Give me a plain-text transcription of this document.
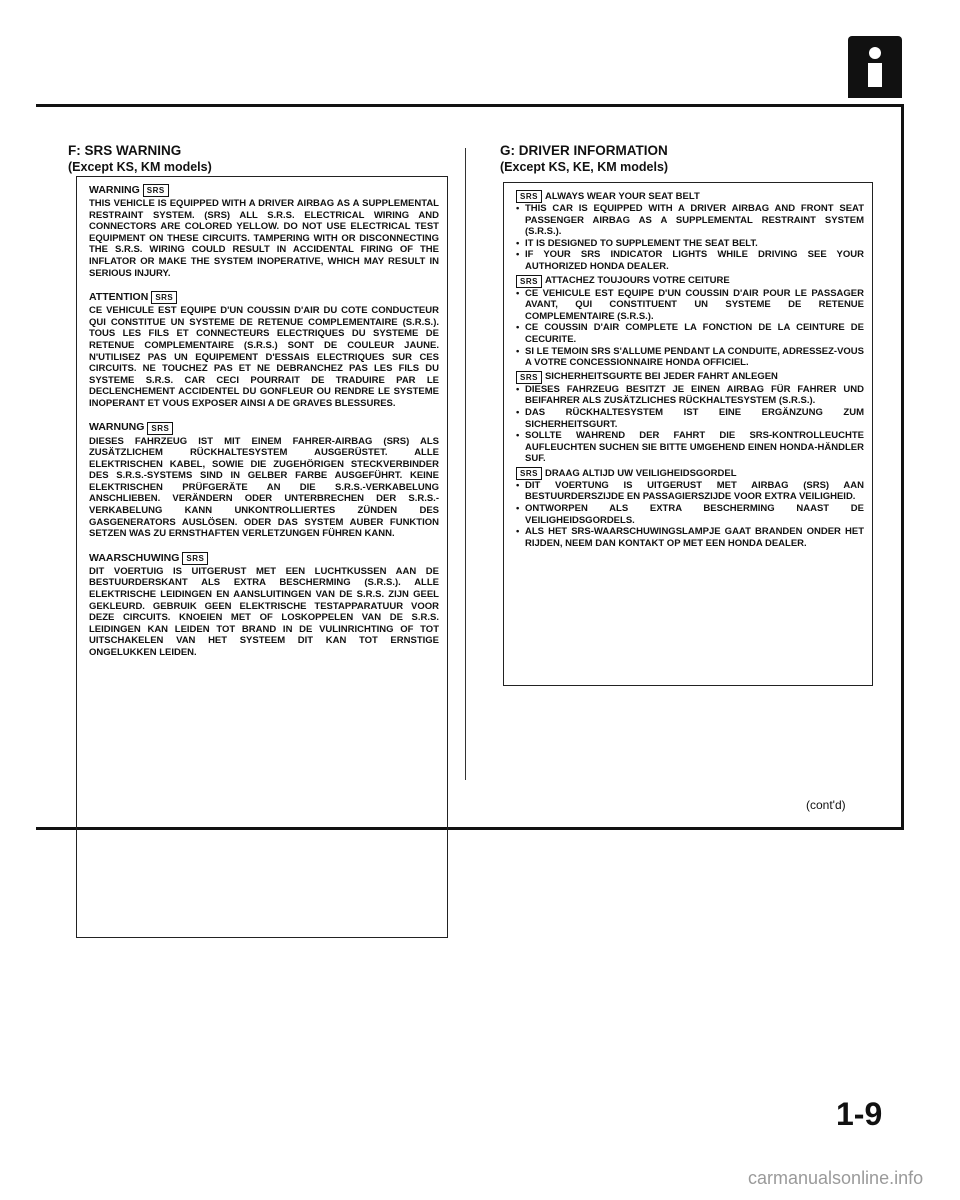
F: SRS WARNING
(Except KS, KM models)
WARNING SRS
THIS VEHICLE IS EQUIPPED WITH A DRIVER AIRBAG AS A SUPPLEMENTAL RESTRAINT SYSTEM. (SRS) ALL S.R.S. ELECTRICAL WIRING AND CONNECTORS ARE COLORED YELLOW. DO NOT USE ELECTRICAL TEST EQUIPMENT ON THESE CIRCUITS. TAMPERING WITH OR DISCONNECTING THE S.R.S. WIRING COULD RESULT IN ACCIDENTAL FIRING OF THE INFLATOR OR MAKE THE SYSTEM INOPERATIVE, WHICH MAY RESULT IN SERIOUS INJURY.
ATTENTION SRS
CE VEHICULE EST EQUIPE D'UN COUSSIN D'AIR DU COTE CONDUCTEUR QUI CONSTITUE UN SYSTEME DE RETENUE COMPLEMENTAIRE (S.R.S.). TOUS LES FILS ET CONNECTEURS ELECTRIQUES DU SYSTEME DE RETENUE COMPLEMENTAIRE (S.R.S.) SONT DE COULEUR JAUNE. N'UTILISEZ PAS UN EQUIPEMENT D'ESSAIS ELECTRIQUES SUR CES CIRCUITS. NE TOUCHEZ PAS ET NE DEBRANCHEZ PAS LES FILS DU SYSTEME S.R.S. CAR CECI POURRAIT DE TRADUIRE PAR LE DECLENCHEMENT ACCIDENTEL DU GONFLEUR OU RENDRE LE SYSTEME INOPERANT ET VOUS EXPOSER AINSI A DE GRAVES BLESSURES.
WARNUNG SRS
DIESES FAHRZEUG IST MIT EINEM FAHRER-AIRBAG (SRS) ALS ZUSÄTZLICHEM RÜCKHALTESYSTEM AUSGERÜSTET. ALLE ELEKTRISCHEN KABEL, SOWIE DIE ZUGEHÖRIGEN STECKVERBINDER DES S.R.S.-SYSTEMS SIND IN GELBER FARBE AUSGEFÜHRT. KEINE ELEKTRISCHEN PRÜFGERÄTE AN DIE S.R.S.-VERKABELUNG ANSCHLIEBEN. VERÄNDERN ODER UNTERBRECHEN DER S.R.S.-VERKABELUNG KANN UNKONTROLLIERTES ZÜNDEN DES GASGENERATORS AUSLÖSEN. ODER DAS SYSTEM AUBER FUNKTION SETZEN WAS ZU ERNSTHAFTEN VERLETZUNGEN FÜHREN KANN.
WAARSCHUWING SRS
DIT VOERTUIG IS UITGERUST MET EEN LUCHTKUSSEN AAN DE BESTUURDERSKANT ALS EXTRA BESCHERMING (S.R.S.). ALLE ELEKTRISCHE LEIDINGEN EN AANSLUITINGEN VAN DE S.R.S. ZIJN GEEL GEKLEURD. GEBRUIK GEEN ELEKTRISCHE TESTAPPARATUUR VOOR DEZE CIRCUITS. KNOEIEN MET OF LOSKOPPELEN VAN DE S.R.S. LEIDINGEN KAN LEIDEN TOT BRAND IN DE VULINRICHTING OF TOT UITSCHAKELEN VAN HET SYSTEEM DIT KAN TOT ERNSTIGE ONGELUKKEN LEIDEN.
G: DRIVER INFORMATION
(Except KS, KE, KM models)
SRS ALWAYS WEAR YOUR SEAT BELT
• THIS CAR IS EQUIPPED WITH A DRIVER AIRBAG AND FRONT SEAT PASSENGER AIRBAG AS A SUPPLEMENTAL RESTRAINT SYSTEM (S.R.S.).
• IT IS DESIGNED TO SUPPLEMENT THE SEAT BELT.
• IF YOUR SRS INDICATOR LIGHTS WHILE DRIVING SEE YOUR AUTHORIZED HONDA DEALER.
SRS ATTACHEZ TOUJOURS VOTRE CEITURE
• CE VEHICULE EST EQUIPE D'UN COUSSIN D'AIR POUR LE PASSAGER AVANT, QUI CONSTITUENT UN SYSTEME DE RETENUE COMPLEMENTAIRE (S.R.S.).
• CE COUSSIN D'AIR COMPLETE LA FONCTION DE LA CEINTURE DE CECURITE.
• SI LE TEMOIN SRS S'ALLUME PENDANT LA CONDUITE, ADRESSEZ-VOUS A VOTRE CONCESSIONNAIRE HONDA OFFICIEL.
SRS SICHERHEITSGURTE BEI JEDER FAHRT ANLEGEN
• DIESES FAHRZEUG BESITZT JE EINEN AIRBAG FÜR FAHRER UND BEIFAHRER ALS ZUSÄTZLICHES RÜCKHALTESYSTEM (S.R.S.).
• DAS RÜCKHALTESYSTEM IST EINE ERGÄNZUNG ZUM SICHERHEITSGURT.
• SOLLTE WAHREND DER FAHRT DIE SRS-KONTROLLEUCHTE AUFLEUCHTEN SUCHEN SIE BITTE UMGEHEND EINEN HONDA-HÄNDLER SUF.
SRS DRAAG ALTIJD UW VEILIGHEIDSGORDEL
• DIT VOERTUNG IS UITGERUST MET AIRBAG (SRS) AAN BESTUURDERSZIJDE EN PASSAGIERSZIJDE VOOR EXTRA VEILIGHEID.
• ONTWORPEN ALS EXTRA BESCHERMING NAAST DE VEILIGHEIDSGORDELS.
• ALS HET SRS-WAARSCHUWINGSLAMPJE GAAT BRANDEN ONDER HET RIJDEN, NEEM DAN KONTAKT OP MET EEN HONDA DEALER.
(cont'd)
1-9
carmanualsonline.info
